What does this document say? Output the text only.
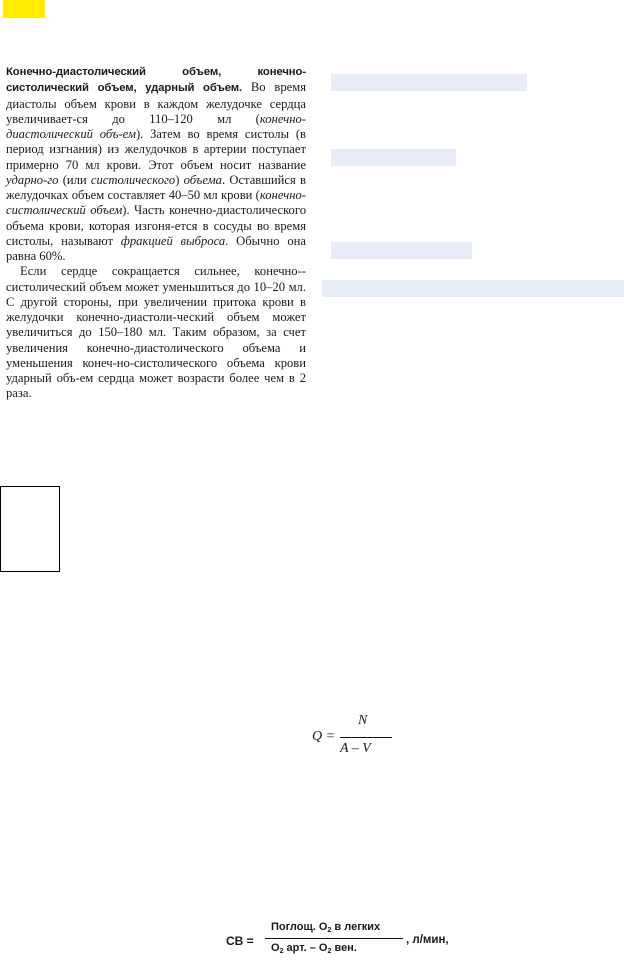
Конечно-диастолический объем, конечно-систолический объем, ударный объем. Во время диастолы объем крови в каждом желудочке сердца увеличивает-ся до 110–120 мл (конечно-диастолический объ-ем). Затем во время систолы (в период изгнания) из желудочков в артерии поступает примерно 70 мл крови. Этот объем носит название ударно-го (или систолического) объема. Оставшийся в желудочках объем составляет 40–50 мл крови (конечно-систолический объем). Часть конечно-диастолического объема крови, которая изгоня-ется в сосуды во время систолы, называют фракцией выброса. Обычно она равна 60%.

Если сердце сокращается сильнее, конечно-систолический объем может уменьшиться до 10–20 мл. С другой стороны, при увеличении притока крови в желудочки конечно-диастоли-ческий объем может увеличиться до 150–180 мл. Таким образом, за счет увеличения конечно-диастолического объема и уменьшения конеч-но-систолического объема крови ударный объ-ем сердца может возрасти более чем в 2 раза.

Q =
N
A – V
СВ =
Поглощ. $O_2$ в легких
$O_2$ арт. – $O_2$ вен.
, л/мин,
